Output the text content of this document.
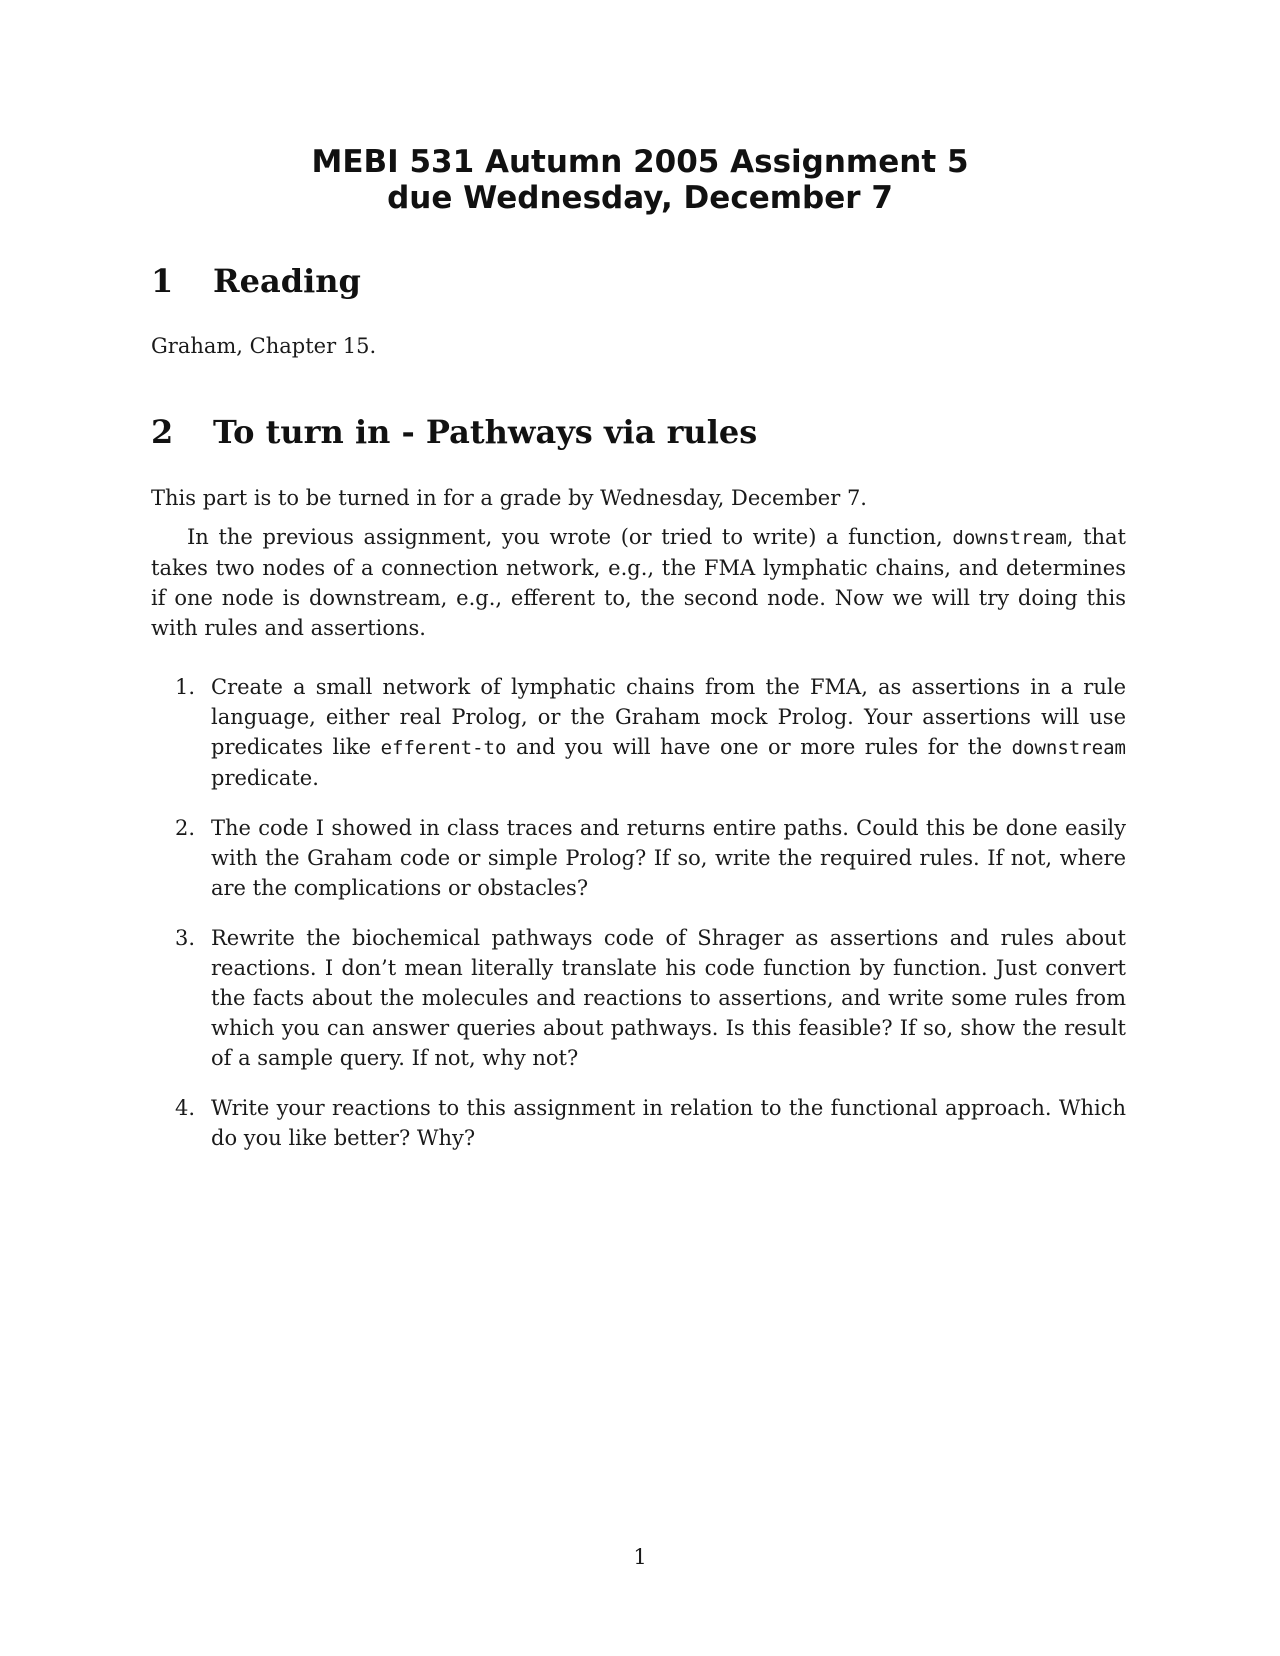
MEBI 531 Autumn 2005 Assignment 5
due Wednesday, December 7
1 Reading
Graham, Chapter 15.
2 To turn in - Pathways via rules
This part is to be turned in for a grade by Wednesday, December 7.
In the previous assignment, you wrote (or tried to write) a function, downstream, that takes two nodes of a connection network, e.g., the FMA lymphatic chains, and determines if one node is downstream, e.g., efferent to, the second node. Now we will try doing this with rules and assertions.
1. Create a small network of lymphatic chains from the FMA, as assertions in a rule language, either real Prolog, or the Graham mock Prolog. Your assertions will use predicates like efferent-to and you will have one or more rules for the downstream predicate.
2. The code I showed in class traces and returns entire paths. Could this be done easily with the Graham code or simple Prolog? If so, write the required rules. If not, where are the complications or obstacles?
3. Rewrite the biochemical pathways code of Shrager as assertions and rules about reactions. I don’t mean literally translate his code function by function. Just convert the facts about the molecules and reactions to assertions, and write some rules from which you can answer queries about pathways. Is this feasible? If so, show the result of a sample query. If not, why not?
4. Write your reactions to this assignment in relation to the functional approach. Which do you like better? Why?
1
